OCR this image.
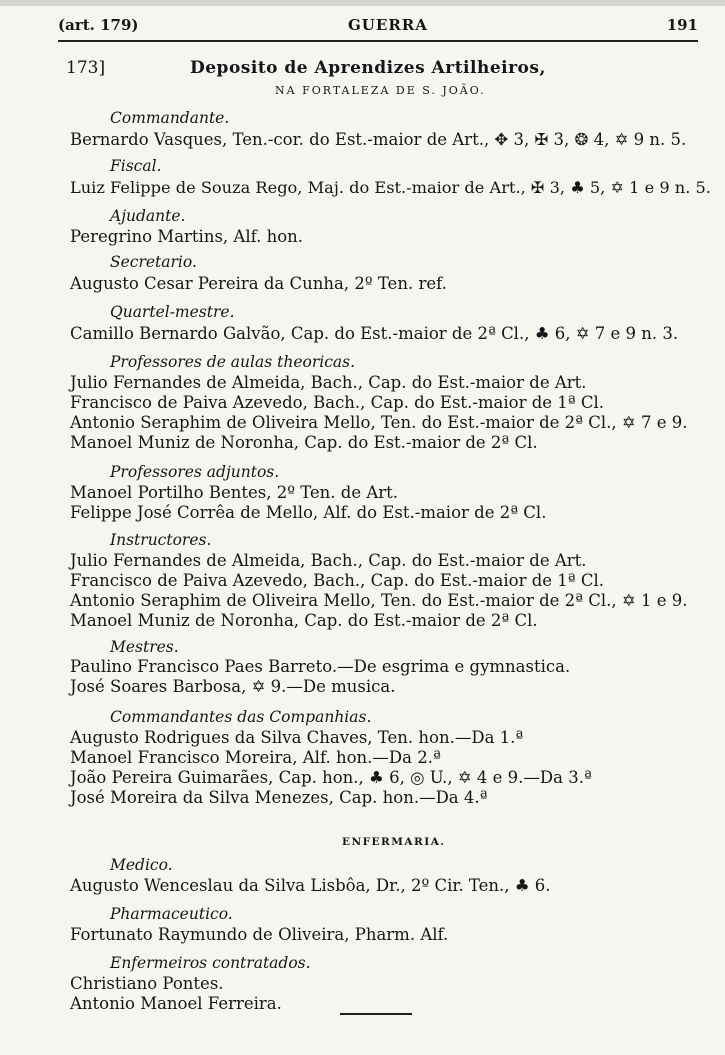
(art. 179)	GUERRA	191
173]	Deposito de Aprendizes Artilheiros,
NA FORTALEZA DE S. JOÃO.
Commandante.
Bernardo Vasques, Ten.-cor. do Est.-maior de Art., ✥ 3, ✠ 3, ❂ 4, ✡ 9 n. 5.
Fiscal.
Luiz Felippe de Souza Rego, Maj. do Est.-maior de Art., ✠ 3, ♣ 5, ✡ 1 e 9 n. 5.
Ajudante.
Peregrino Martins, Alf. hon.
Secretario.
Augusto Cesar Pereira da Cunha, 2º Ten. ref.
Quartel-mestre.
Camillo Bernardo Galvão, Cap. do Est.-maior de 2ª Cl., ♣ 6, ✡ 7 e 9 n. 3.
Professores de aulas theoricas.
Julio Fernandes de Almeida, Bach., Cap. do Est.-maior de Art.
Francisco de Paiva Azevedo, Bach., Cap. do Est.-maior de 1ª Cl.
Antonio Seraphim de Oliveira Mello, Ten. do Est.-maior de 2ª Cl., ✡ 7 e 9.
Manoel Muniz de Noronha, Cap. do Est.-maior de 2ª Cl.
Professores adjuntos.
Manoel Portilho Bentes, 2º Ten. de Art.
Felippe José Corrêa de Mello, Alf. do Est.-maior de 2ª Cl.
Instructores.
Julio Fernandes de Almeida, Bach., Cap. do Est.-maior de Art.
Francisco de Paiva Azevedo, Bach., Cap. do Est.-maior de 1ª Cl.
Antonio Seraphim de Oliveira Mello, Ten. do Est.-maior de 2ª Cl., ✡ 1 e 9.
Manoel Muniz de Noronha, Cap. do Est.-maior de 2ª Cl.
Mestres.
Paulino Francisco Paes Barreto.—De esgrima e gymnastica.
José Soares Barbosa, ✡ 9.—De musica.
Commandantes das Companhias.
Augusto Rodrigues da Silva Chaves, Ten. hon.—Da 1.ª
Manoel Francisco Moreira, Alf. hon.—Da 2.ª
João Pereira Guimarães, Cap. hon., ♣ 6, ◎ U., ✡ 4 e 9.—Da 3.ª
José Moreira da Silva Menezes, Cap. hon.—Da 4.ª
ENFERMARIA.
Medico.
Augusto Wenceslau da Silva Lisbôa, Dr., 2º Cir. Ten., ♣ 6.
Pharmaceutico.
Fortunato Raymundo de Oliveira, Pharm. Alf.
Enfermeiros contratados.
Christiano Pontes.
Antonio Manoel Ferreira.
